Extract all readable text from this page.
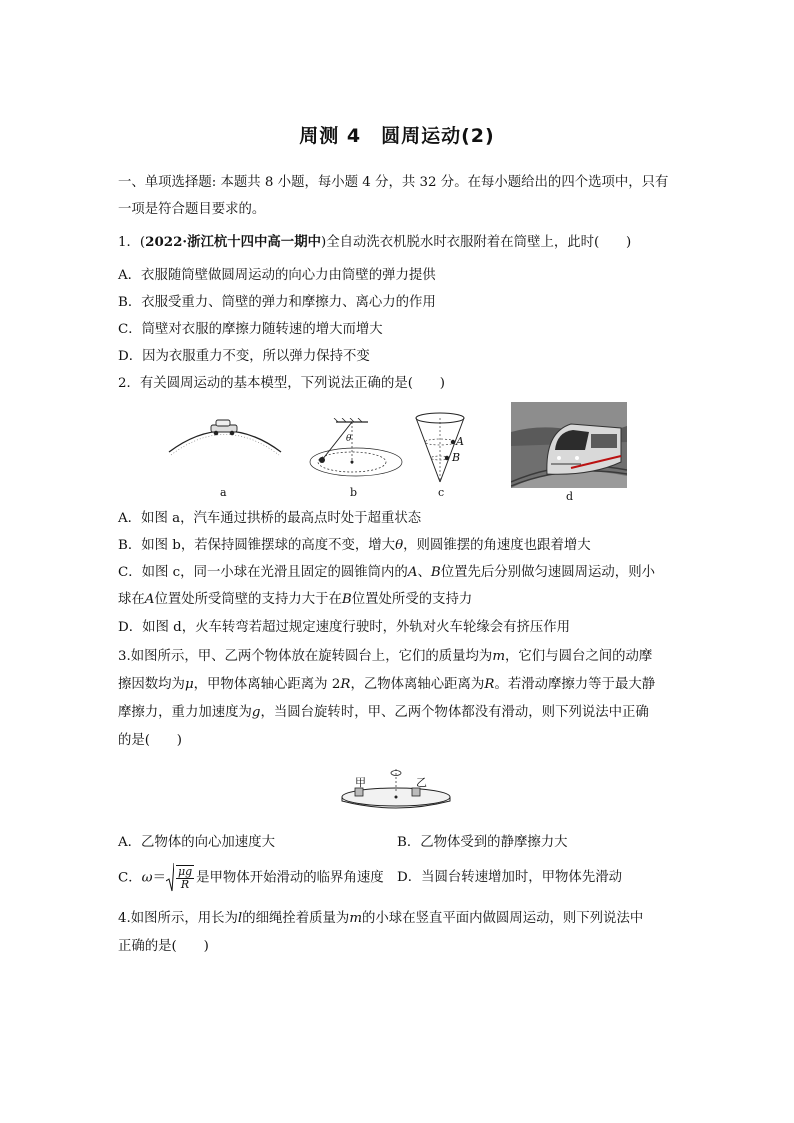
周测 4　圆周运动(2)
一、单项选择题: 本题共 8 小题，每小题 4 分，共 32 分。在每小题给出的四个选项中，只有
一项是符合题目要求的。
1．(2022·浙江杭十四中高一期中)全自动洗衣机脱水时衣服附着在筒壁上，此时(　　)
A．衣服随筒壁做圆周运动的向心力由筒壁的弹力提供
B．衣服受重力、筒壁的弹力和摩擦力、离心力的作用
C．筒壁对衣服的摩擦力随转速的增大而增大
D．因为衣服重力不变，所以弹力保持不变
2．有关圆周运动的基本模型，下列说法正确的是(　　)
a
θ
b
A
B
c	d
A．如图 a，汽车通过拱桥的最高点时处于超重状态
B．如图 b，若保持圆锥摆球的高度不变，增大θ，则圆锥摆的角速度也跟着增大
C．如图 c，同一小球在光滑且固定的圆锥筒内的A、B位置先后分别做匀速圆周运动，则小
球在A位置处所受筒壁的支持力大于在B位置处所受的支持力
D．如图 d，火车转弯若超过规定速度行驶时，外轨对火车轮缘会有挤压作用
3.如图所示，甲、乙两个物体放在旋转圆台上，它们的质量均为m，它们与圆台之间的动摩
擦因数均为μ，甲物体离轴心距离为 2R，乙物体离轴心距离为R。若滑动摩擦力等于最大静
摩擦力，重力加速度为g，当圆台旋转时，甲、乙两个物体都没有滑动，则下列说法中正确
的是(　　)
甲	乙
A．乙物体的向心加速度大	B．乙物体受到的静摩擦力大
C．$\omega= \frac{\mu g}{R}$ 是甲物体开始滑动的临界角速度 D．当圆台转速增加时，甲物体先滑动
4.如图所示，用长为l的细绳拴着质量为m的小球在竖直平面内做圆周运动，则下列说法中
正确的是(　　)
